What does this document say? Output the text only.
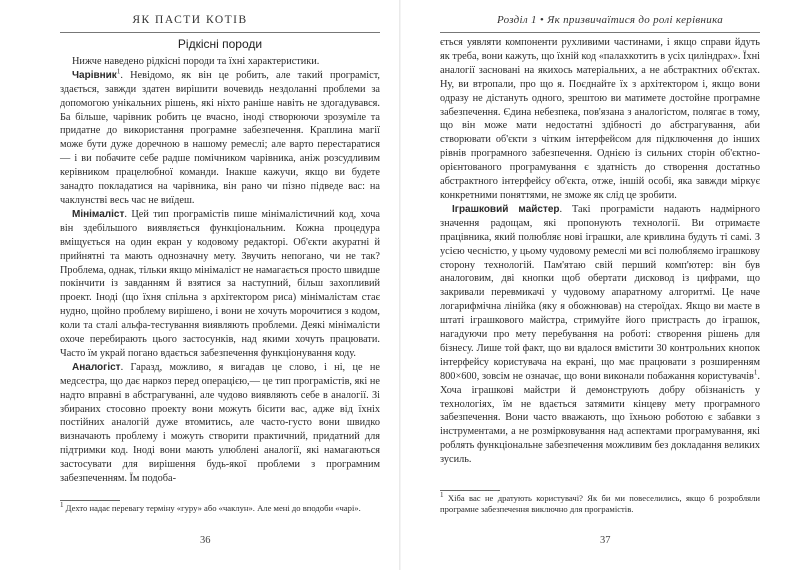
ЯК ПАСТИ КОТІВ
Рідкісні породи

Нижче наведено рідкісні породи та їхні характеристики.

Чарівник$^1$. Невідомо, як він це робить, але такий програміст, здається, завжди здатен вирішити вочевидь нездоланні проблеми за допомогою унікальних рішень, які ніхто раніше навіть не здогадувався. Ба більше, чарівник робить це вчасно, іноді створюючи зрозуміле та придатне до використання програмне забезпечення. Краплина магії може бути дуже доречною в нашому ремеслі; але варто перестаратися — і ви побачите себе радше помічником чарівника, аніж розсудливим керівником працелюбної команди. Інакше кажучи, якщо ви будете занадто покладатися на чарівника, він рано чи пізно підведе вас: на чаклунстві весь час не виїдеш.

Мінімаліст. Цей тип програмістів пише мінімалістичний код, хоча він здебільшого виявляється функціональним. Кожна процедура вміщується на один екран у кодовому редакторі. Об'єкти акуратні й прийнятні та мають однозначну мету. Звучить непогано, чи не так? Проблема, однак, тільки якщо мінімаліст не намагається просто швидше покінчити із завданням й взятися за наступний, більш захопливий проект. Іноді (що їхня спільна з архітектором риса) мінімалістам стає нудно, щойно проблему вирішено, і вони не хочуть морочитися з кодом, коли та сталі альфа-тестування виявляють проблеми. Деякі мінімалісти охоче перебирають цього застосунків, над якими хочуть працювати. Часто їм украй погано вдається забезпечення функціонування коду.

Аналогіст. Гаразд, можливо, я вигадав це слово, і ні, це не медсестра, що дає наркоз перед операцією,— це тип програмістів, які не надто вправні в абстрагуванні, але чудово виявляють себе в аналогії. Зі збираних стосовно проекту вони можуть бісити вас, адже від їхніх постійних аналогій дуже втомитись, але часто-густо вони швидко визначають проблему і можуть створити практичний, придатний для підтримки код. Іноді вони мають улюблені аналогії, які намагаються застосувати для вирішення будь-якої проблеми з програмним забезпеченням. Їм подоба-

$^1$ Дехто надає перевагу терміну «гуру» або «чаклун». Але мені до вподоби «чарі».
36
Розділ 1 • Як призвичаїтися до ролі керівника

ється уявляти компоненти рухливими частинами, і якщо справи йдуть як треба, вони кажуть, що їхній код «палахкотить в усіх циліндрах». Їхні аналогії засновані на якихось матеріальних, а не абстрактних об'єктах. Ну, ви втропали, про що я. Поєднайте їх з архітектором і, якщо вони одразу не дістануть одного, зрештою ви матимете достойне програмне забезпечення. Єдина небезпека, пов'язана з аналогістом, полягає в тому, що він може мати недостатні здібності до абстрагування, аби створювати об'єкти з чітким інтерфейсом для підключення до інших рівнів програмного забезпечення. Однією із сильних сторін об'єктно-орієнтованого програмування є здатність до створення достатньо абстрактного інтерфейсу об'єкта, отже, іншій особі, яка завжди міркує конкретними поняттями, не зможе як слід це зробити.

Іграшковий майстер. Такі програмісти надають надмірного значення радощам, які пропонують технології. Ви отримаєте працівника, який полюбляє нові іграшки, але кривлина будуть ті самі. З усією чесністю, у цьому чудовому ремеслі ми всі полюбляємо іграшкову сторону технологій. Пам'ятаю свій перший комп'ютер: він був аналоговим, дві кнопки щоб обертати дисковод із цифрами, що закривали перевмикачі у чудовому апаратному алгоритмі. Це наче логарифмічна лінійка (яку я обожнював) на стероїдах. Якщо ви маєте в штаті іграшкового майстра, стримуйте його пристрасть до іграшок, нагадуючи про мету перебування на роботі: створення рішень для бізнесу. Лише той факт, що ви вдалося вмістити 30 контрольних кнопок інтерфейсу користувача на екрані, що має працювати з розширенням 800×600, зовсім не означає, що вони виконали побажання користувачів$^1$. Хоча іграшкові майстри й демонструють добру обізнаність у технологіях, їм не вдається затямити кінцеву мету програмного забезпечення. Вони часто вважають, що їхньою роботою є забавки з інструментами, а не розмірковування над аспектами програмування, які роблять функціональне забезпечення можливим без докладання великих зусиль.

$^1$ Хіба вас не дратують користувачі? Як би ми повеселились, якщо б розробляли програмне забезпечення виключно для програмістів.
37
